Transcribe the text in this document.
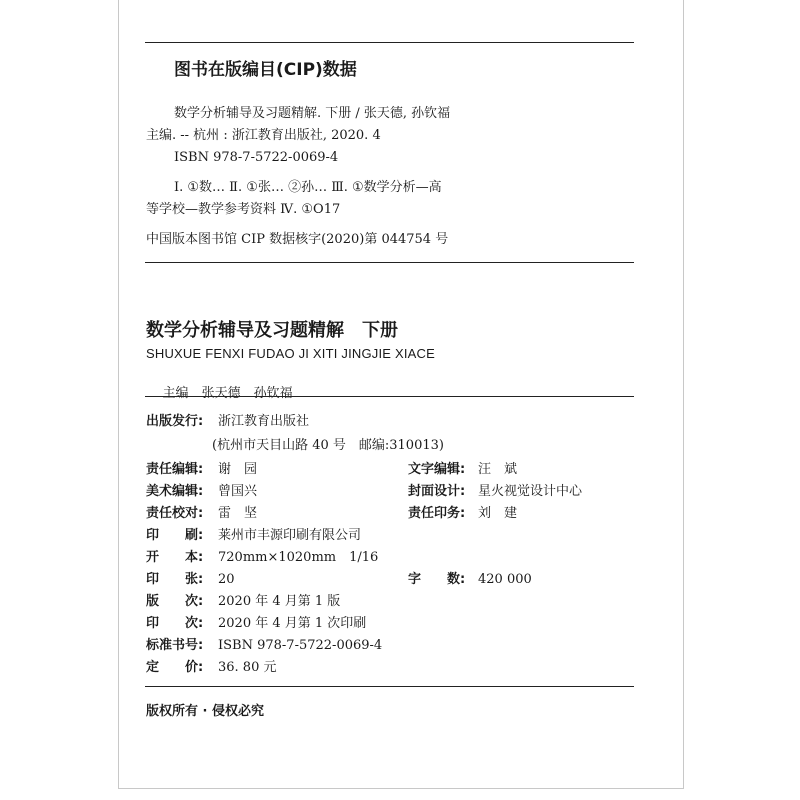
图书在版编目(CIP)数据
数学分析辅导及习题精解. 下册 / 张天德, 孙钦福
主编. -- 杭州 : 浙江教育出版社, 2020. 4
ISBN 978-7-5722-0069-4
Ⅰ. ①数… Ⅱ. ①张… ②孙… Ⅲ. ①数学分析—高
等学校—教学参考资料 Ⅳ. ①O17
中国版本图书馆 CIP 数据核字(2020)第 044754 号
数学分析辅导及习题精解　下册
SHUXUE FENXI FUDAO JI XITI JINGJIE XIACE

主编　 张天德　孙钦福

出版发行: 浙江教育出版社
(杭州市天目山路 40 号　邮编:310013)
责任编辑: 谢　园	文字编辑: 汪　斌
美术编辑: 曾国兴	封面设计: 星火视觉设计中心
责任校对: 雷　坚	责任印务: 刘　建
印　　刷: 莱州市丰源印刷有限公司
开　　本: 720mm×1020mm　1/16
印　　张: 20	字　　数: 420 000
版　　次: 2020 年 4 月第 1 版
印　　次: 2020 年 4 月第 1 次印刷
标准书号: ISBN 978-7-5722-0069-4
定　　价: 36. 80 元
版权所有 · 侵权必究
